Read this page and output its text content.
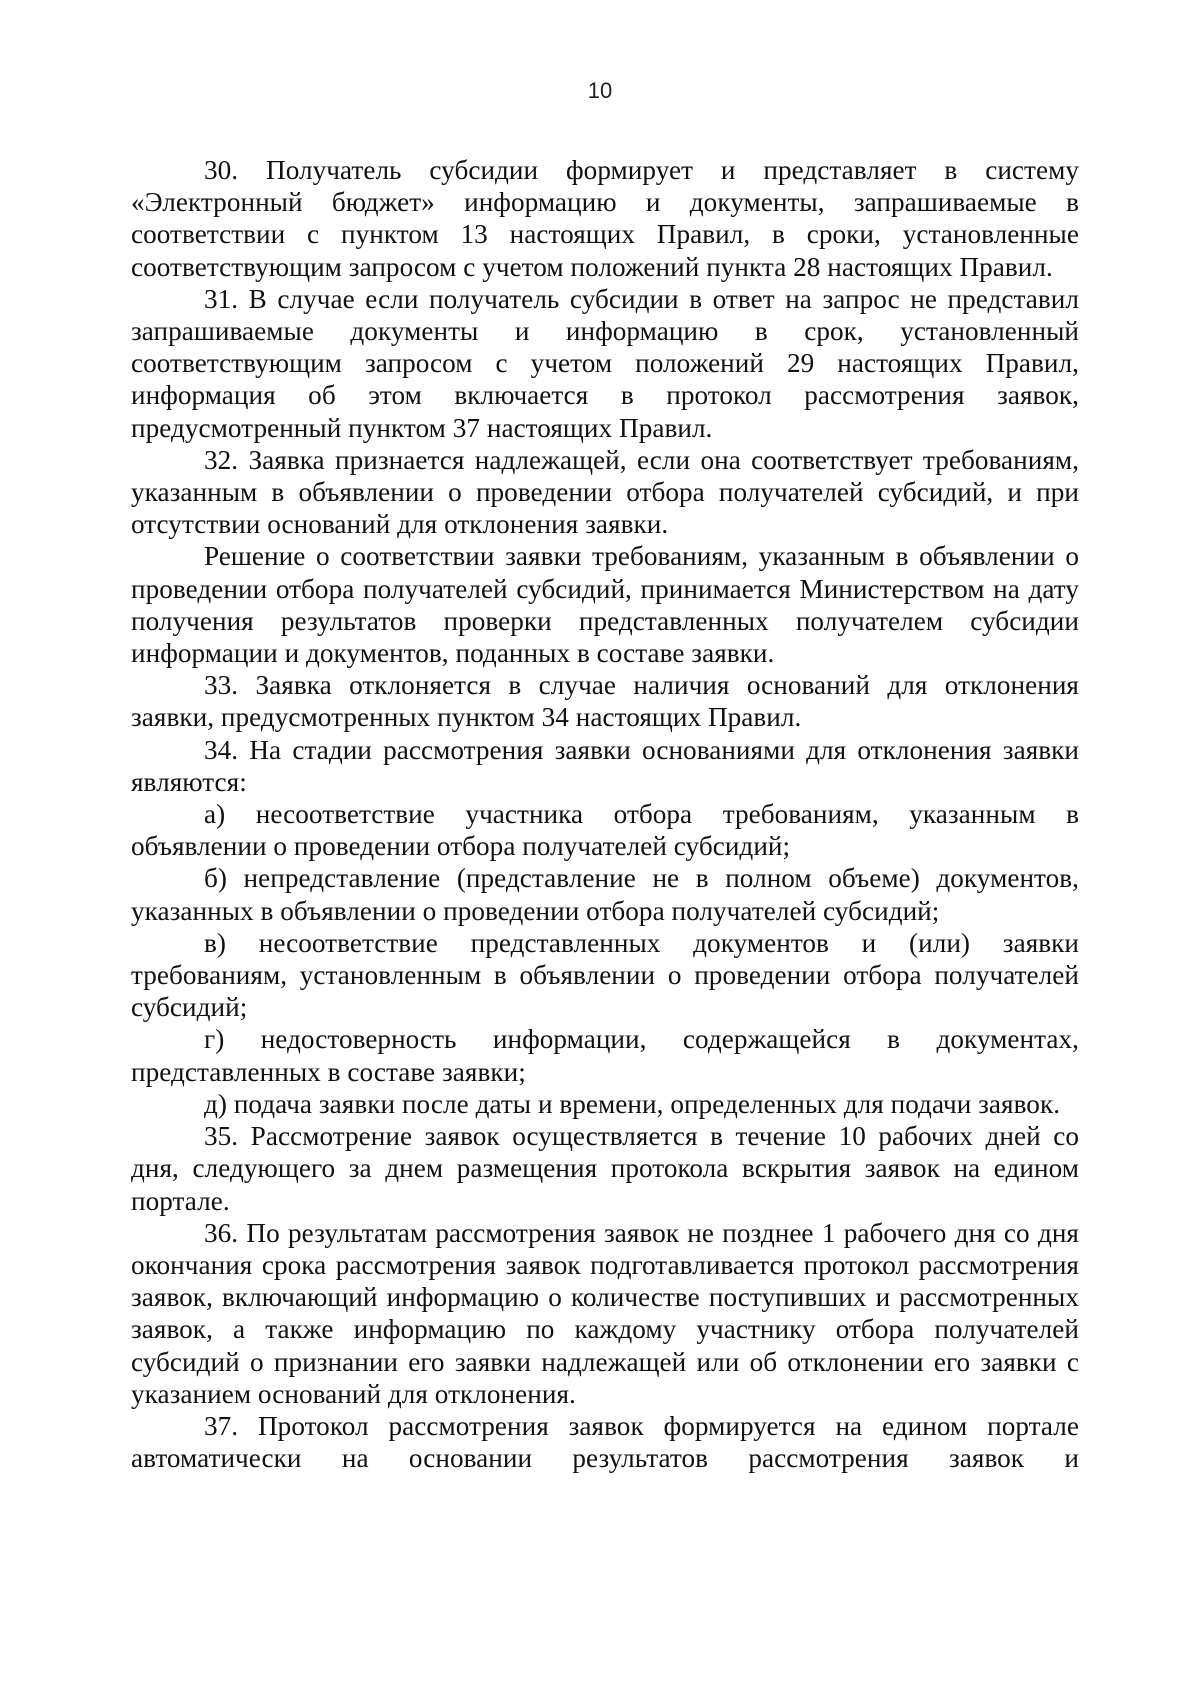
10

30. Получатель субсидии формирует и представляет в систему «Электронный бюджет» информацию и документы, запрашиваемые в соответствии с пунктом 13 настоящих Правил, в сроки, установленные соответствующим запросом с учетом положений пункта 28 настоящих Правил.

31. В случае если получатель субсидии в ответ на запрос не представил запрашиваемые документы и информацию в срок, установленный соответствующим запросом с учетом положений 29 настоящих Правил, информация об этом включается в протокол рассмотрения заявок, предусмотренный пунктом 37 настоящих Правил.

32. Заявка признается надлежащей, если она соответствует требованиям, указанным в объявлении о проведении отбора получателей субсидий, и при отсутствии оснований для отклонения заявки.

Решение о соответствии заявки требованиям, указанным в объявлении о проведении отбора получателей субсидий, принимается Министерством на дату получения результатов проверки представленных получателем субсидии информации и документов, поданных в составе заявки.

33. Заявка отклоняется в случае наличия оснований для отклонения заявки, предусмотренных пунктом 34 настоящих Правил.

34. На стадии рассмотрения заявки основаниями для отклонения заявки являются:

а) несоответствие участника отбора требованиям, указанным в объявлении о проведении отбора получателей субсидий;

б) непредставление (представление не в полном объеме) документов, указанных в объявлении о проведении отбора получателей субсидий;

в) несоответствие представленных документов и (или) заявки требованиям, установленным в объявлении о проведении отбора получателей субсидий;

г) недостоверность информации, содержащейся в документах, представленных в составе заявки;

д) подача заявки после даты и времени, определенных для подачи заявок.

35. Рассмотрение заявок осуществляется в течение 10 рабочих дней со дня, следующего за днем размещения протокола вскрытия заявок на едином портале.

36. По результатам рассмотрения заявок не позднее 1 рабочего дня со дня окончания срока рассмотрения заявок подготавливается протокол рассмотрения заявок, включающий информацию о количестве поступивших и рассмотренных заявок, а также информацию по каждому участнику отбора получателей субсидий о признании его заявки надлежащей или об отклонении его заявки с указанием оснований для отклонения.

37. Протокол рассмотрения заявок формируется на едином портале автоматически на основании результатов рассмотрения заявок и
